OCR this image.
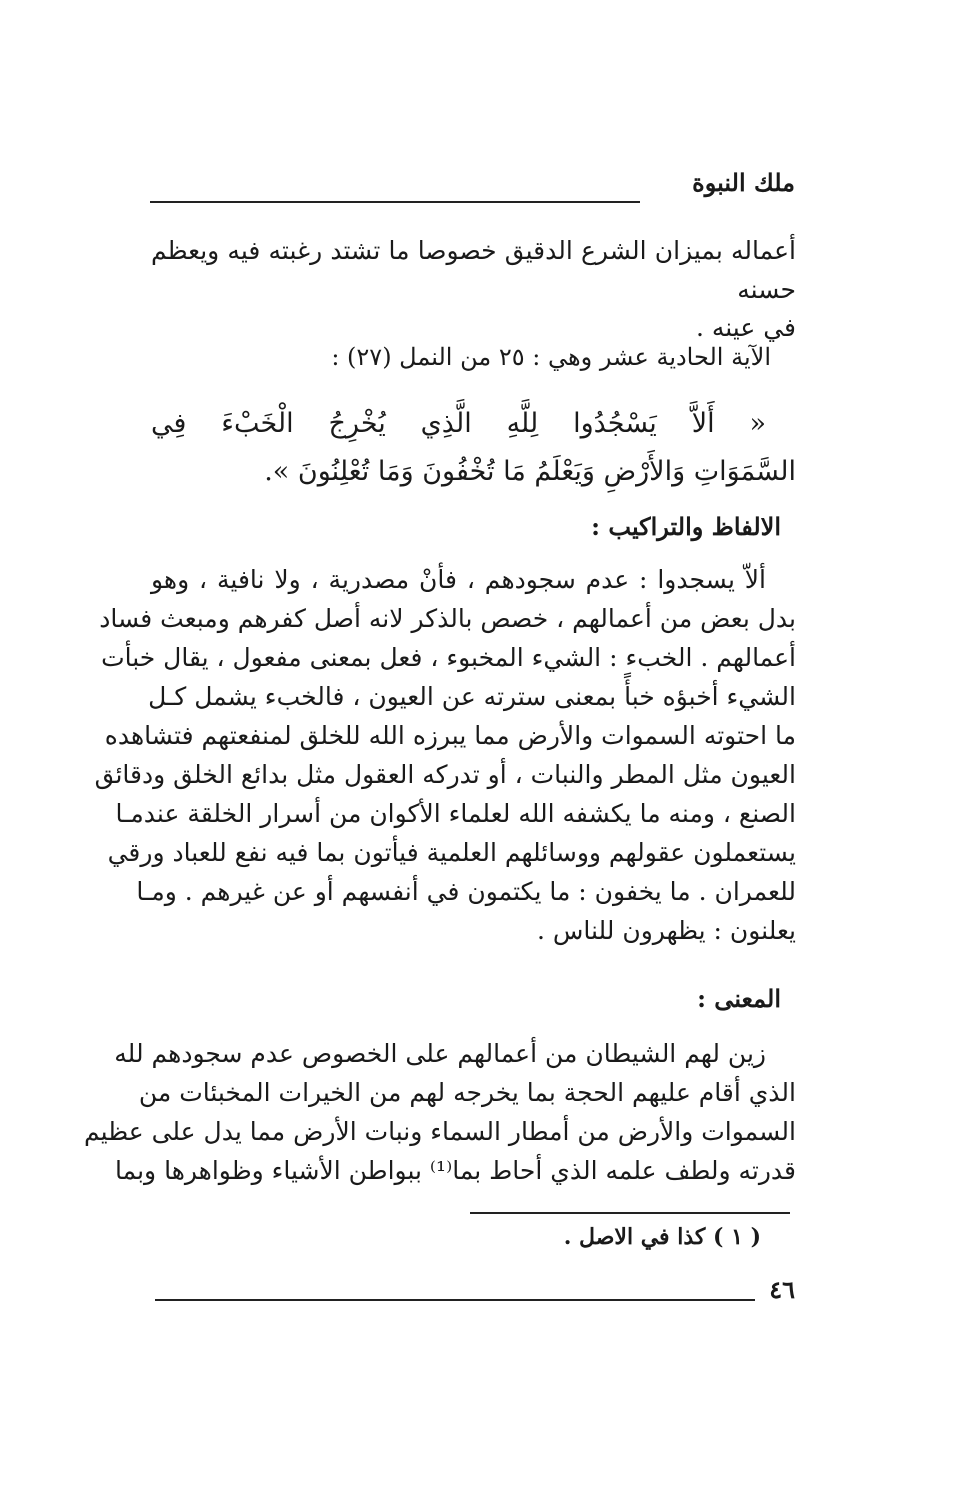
ملك النبوة
أعماله بميزان الشرع الدقيق خصوصا ما تشتد رغبته فيه ويعظم حسنه
في عينه .
الآية الحادية عشر وهي : ٢٥ من النمل (٢٧) :
« أَلاَّ يَسْجُدُوا لِلَّهِ الَّذِي يُخْرِجُ الْخَبْءَ فِي
السَّمَوَاتِ وَالأَرْضِ وَيَعْلَمُ مَا تُخْفُونَ وَمَا تُعْلِنُونَ ».
الالفاظ والتراكيب :
ألاّ يسجدوا : عدم سجودهم ، فأنْ مصدرية ، ولا نافية ، وهو
بدل بعض من أعمالهم ، خصص بالذكر لانه أصل كفرهم ومبعث فساد
أعمالهم . الخبء : الشيء المخبوء ، فعل بمعنى مفعول ، يقال خبأت
الشيء أخبؤه خبأً بمعنى سترته عن العيون ، فالخبء يشمل كـل
ما احتوته السموات والأرض مما يبرزه الله للخلق لمنفعتهم فتشاهده
العيون مثل المطر والنبات ، أو تدركه العقول مثل بدائع الخلق ودقائق
الصنع ، ومنه ما يكشفه الله لعلماء الأكوان من أسرار الخلقة عندمـا
يستعملون عقولهم ووسائلهم العلمية فيأتون بما فيه نفع للعباد ورقي
للعمران . ما يخفون : ما يكتمون في أنفسهم أو عن غيرهم . ومـا
يعلنون : يظهرون للناس .
المعنى :
زين لهم الشيطان من أعمالهم على الخصوص عدم سجودهم لله
الذي أقام عليهم الحجة بما يخرجه لهم من الخيرات المخبئات من
السموات والأرض من أمطار السماء ونبات الأرض مما يدل على عظيم
قدرته ولطف علمه الذي أحاط بما⁽¹⁾ ببواطن الأشياء وظواهرها وبما
( ١ ) كذا في الاصل .
٤٦
